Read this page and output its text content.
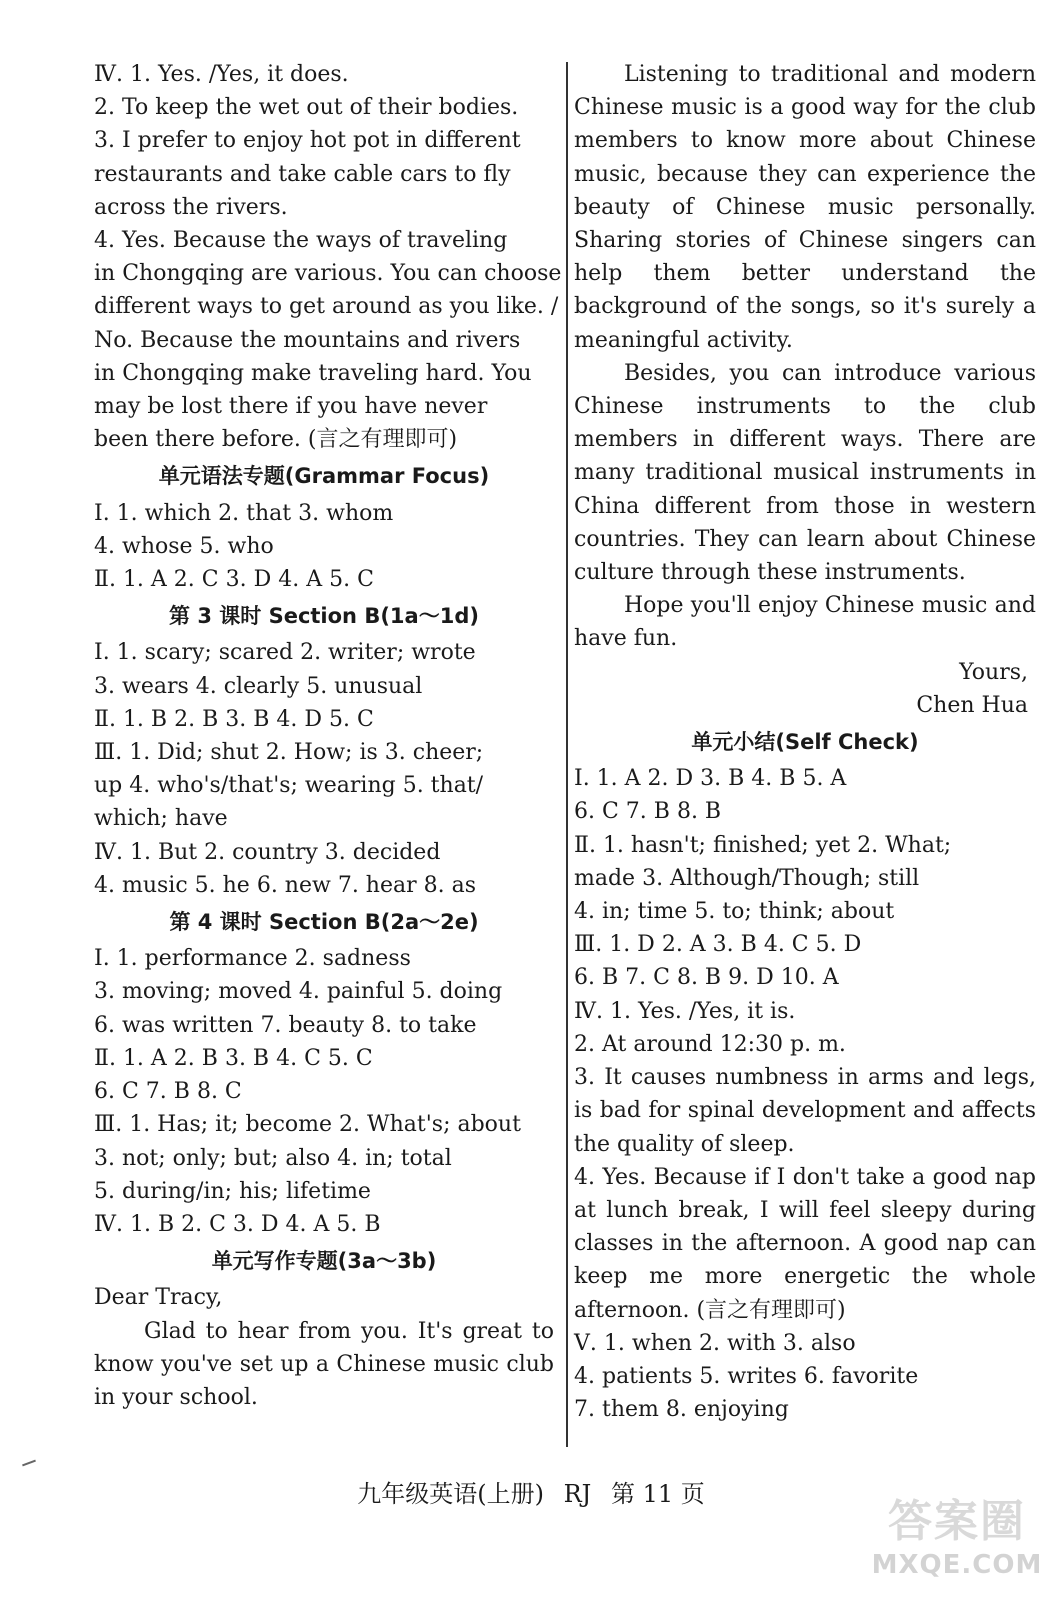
Ⅳ. 1. Yes. /Yes, it does.

2. To keep the wet out of their bodies.

3. I prefer to enjoy hot pot in different

restaurants and take cable cars to fly

across the rivers.

4. Yes. Because the ways of traveling

in Chongqing are various. You can choose

different ways to get around as you like. /

No. Because the mountains and rivers

in Chongqing make traveling hard. You

may be lost there if you have never

been there before. (言之有理即可)

单元语法专题(Grammar Focus)

Ⅰ. 1. which 2. that 3. whom

4. whose 5. who

Ⅱ. 1. A 2. C 3. D 4. A 5. C

第 3 课时 Section B(1a～1d)

Ⅰ. 1. scary; scared 2. writer; wrote

3. wears 4. clearly 5. unusual

Ⅱ. 1. B 2. B 3. B 4. D 5. C

Ⅲ. 1. Did; shut 2. How; is 3. cheer;

up 4. who's/that's; wearing 5. that/

which; have

Ⅳ. 1. But 2. country 3. decided

4. music 5. he 6. new 7. hear 8. as

第 4 课时 Section B(2a～2e)

Ⅰ. 1. performance 2. sadness

3. moving; moved 4. painful 5. doing

6. was written 7. beauty 8. to take

Ⅱ. 1. A 2. B 3. B 4. C 5. C

6. C 7. B 8. C

Ⅲ. 1. Has; it; become 2. What's; about

3. not; only; but; also 4. in; total

5. during/in; his; lifetime

Ⅳ. 1. B 2. C 3. D 4. A 5. B

单元写作专题(3a～3b)

Dear Tracy,

Glad to hear from you. It's great to know you've set up a Chinese music club in your school.

Listening to traditional and modern Chinese music is a good way for the club members to know more about Chinese music, because they can experience the beauty of Chinese music personally. Sharing stories of Chinese singers can help them better understand the background of the songs, so it's surely a meaningful activity.

Besides, you can introduce various Chinese instruments to the club members in different ways. There are many traditional musical instruments in China different from those in western countries. They can learn about Chinese culture through these instruments.

Hope you'll enjoy Chinese music and have fun.

Yours,

Chen Hua

单元小结(Self Check)

Ⅰ. 1. A 2. D 3. B 4. B 5. A

6. C 7. B 8. B

Ⅱ. 1. hasn't; finished; yet 2. What;

made 3. Although/Though; still

4. in; time 5. to; think; about

Ⅲ. 1. D 2. A 3. B 4. C 5. D

6. B 7. C 8. B 9. D 10. A

Ⅳ. 1. Yes. /Yes, it is.

2. At around 12:30 p. m.

3. It causes numbness in arms and legs, is bad for spinal development and affects the quality of sleep.

4. Yes. Because if I don't take a good nap at lunch break, I will feel sleepy during classes in the afternoon. A good nap can keep me more energetic the whole afternoon. (言之有理即可)

Ⅴ. 1. when 2. with 3. also

4. patients 5. writes 6. favorite

7. them 8. enjoying

九年级英语(上册) RJ 第 11 页
答案圈
MXQE.COM
